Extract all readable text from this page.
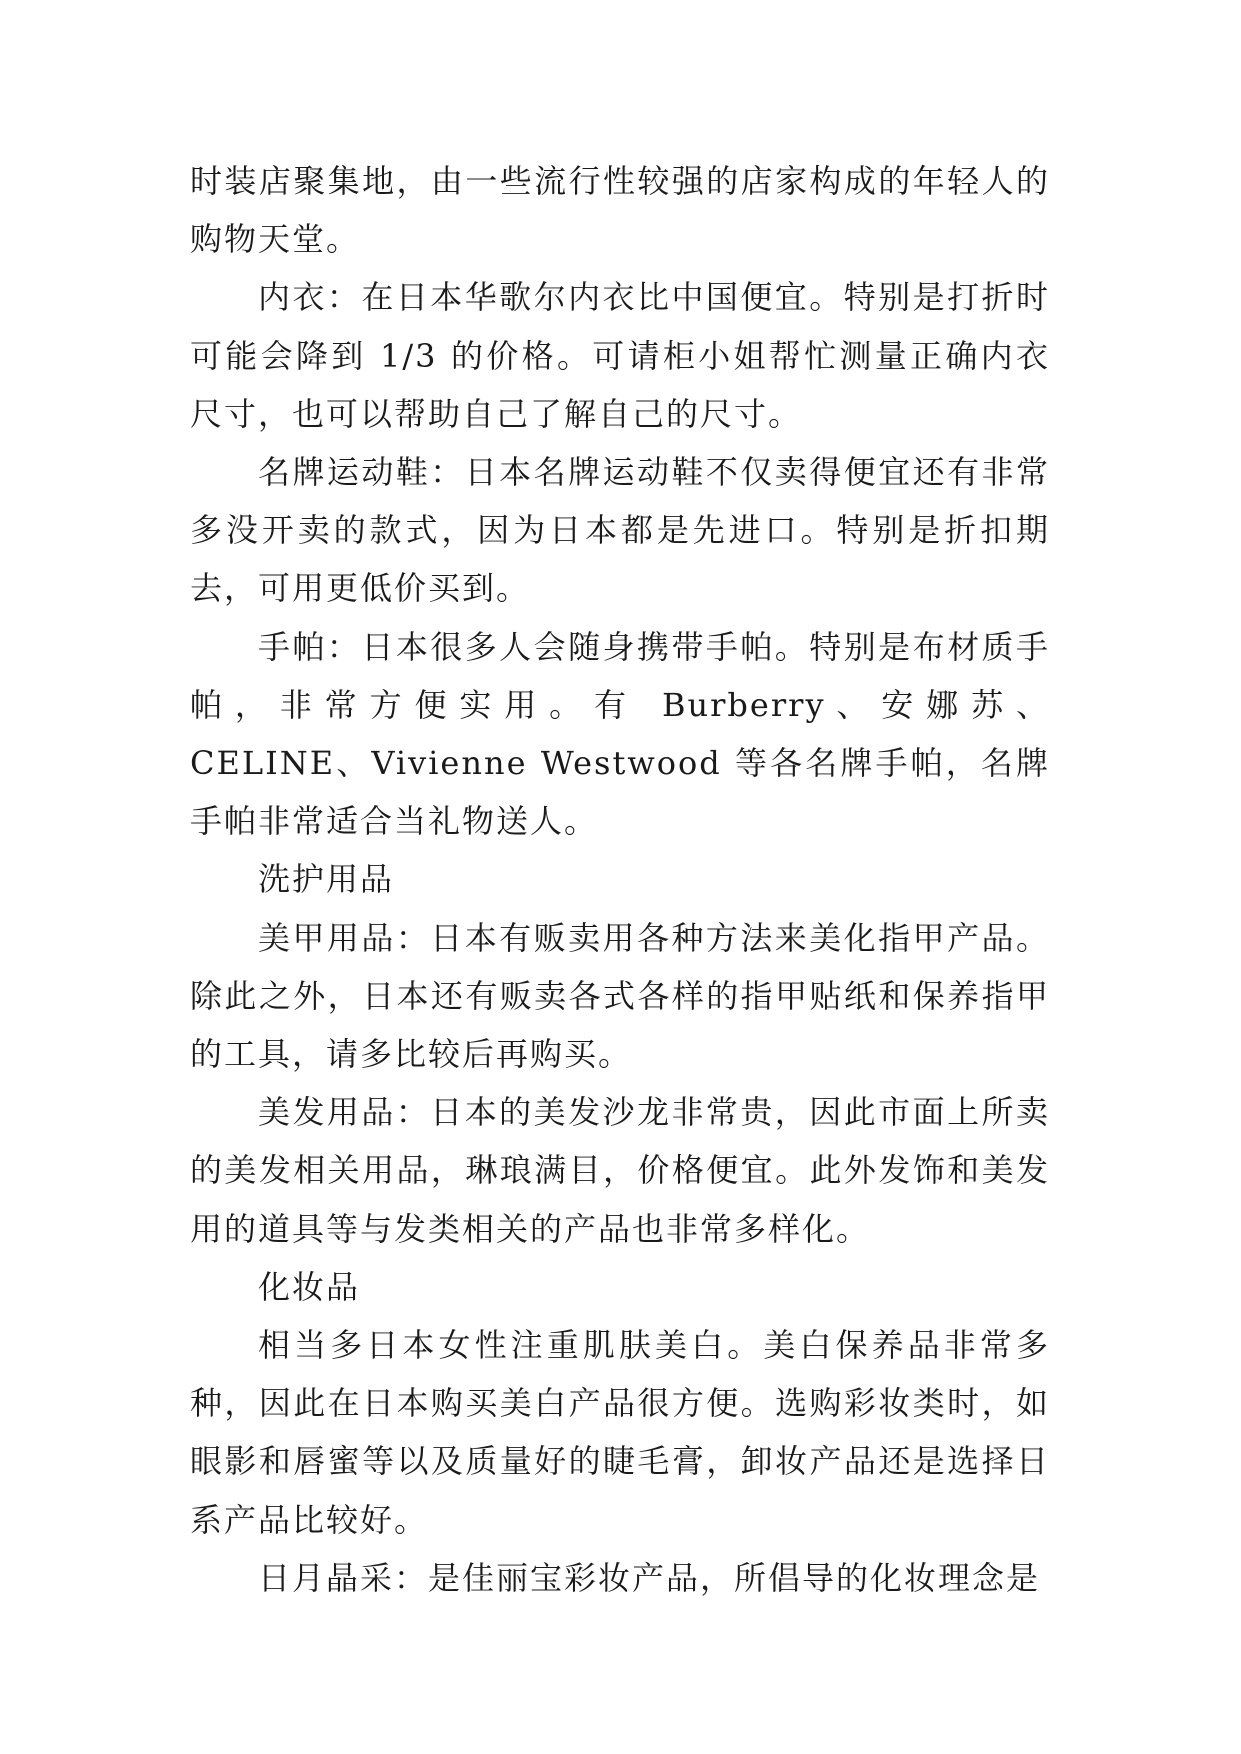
时装店聚集地，由一些流行性较强的店家构成的年轻人的购物天堂。

内衣：在日本华歌尔内衣比中国便宜。特别是打折时可能会降到 1/3 的价格。可请柜小姐帮忙测量正确内衣尺寸，也可以帮助自己了解自己的尺寸。

名牌运动鞋：日本名牌运动鞋不仅卖得便宜还有非常多没开卖的款式，因为日本都是先进口。特别是折扣期去，可用更低价买到。

手帕：日本很多人会随身携带手帕。特别是布材质手帕，非常方便实用。有 Burberry、安娜苏、CELINE、Vivienne Westwood 等各名牌手帕，名牌手帕非常适合当礼物送人。

洗护用品

美甲用品：日本有贩卖用各种方法来美化指甲产品。除此之外，日本还有贩卖各式各样的指甲贴纸和保养指甲的工具，请多比较后再购买。

美发用品：日本的美发沙龙非常贵，因此市面上所卖的美发相关用品，琳琅满目，价格便宜。此外发饰和美发用的道具等与发类相关的产品也非常多样化。

化妆品

相当多日本女性注重肌肤美白。美白保养品非常多种，因此在日本购买美白产品很方便。选购彩妆类时，如眼影和唇蜜等以及质量好的睫毛膏，卸妆产品还是选择日系产品比较好。

日月晶采：是佳丽宝彩妆产品，所倡导的化妆理念是
